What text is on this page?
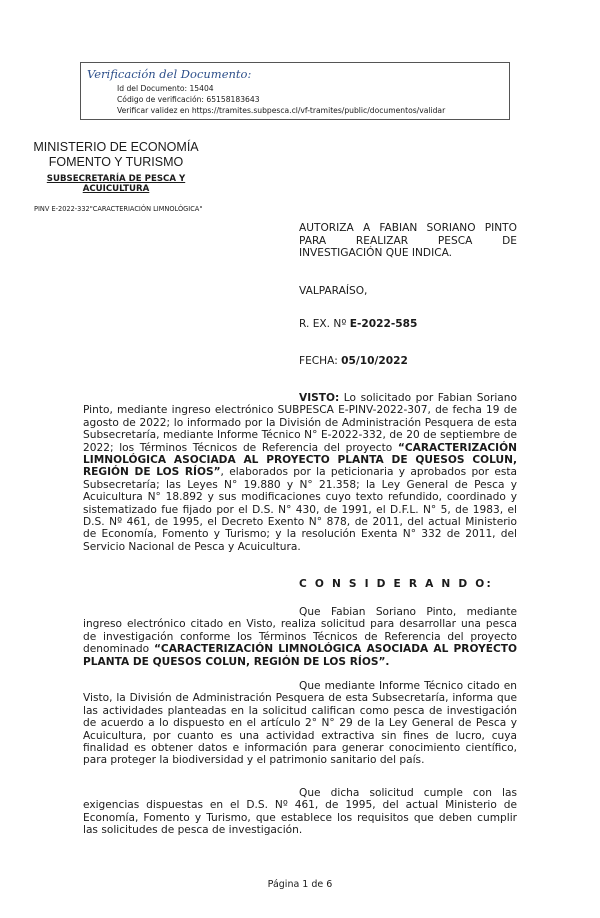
Verificación del Documento:

• Id del Documento: 15404
• Código de verificación: 65158183643
• Verificar validez en https://tramites.subpesca.cl/vf-tramites/public/documentos/validar
MINISTERIO DE ECONOMÍA
FOMENTO Y TURISMO
SUBSECRETARÍA DE PESCA Y ACUICULTURA
PINV E-2022-332"CARACTERIACIÓN LIMNOLÓGICA"
AUTORIZA A FABIAN SORIANO PINTO PARA REALIZAR PESCA DE INVESTIGACIÓN QUE INDICA.
VALPARAÍSO,
R. EX. Nº E-2022-585
FECHA: 05/10/2022
VISTO: Lo solicitado por Fabian Soriano Pinto, mediante ingreso electrónico SUBPESCA E-PINV-2022-307, de fecha 19 de agosto de 2022; lo informado por la División de Administración Pesquera de esta Subsecretaría, mediante Informe Técnico N° E-2022-332, de 20 de septiembre de 2022; los Términos Técnicos de Referencia del proyecto “CARACTERIZACIÓN LIMNOLÓGICA ASOCIADA AL PROYECTO PLANTA DE QUESOS COLUN, REGIÓN DE LOS RÍOS”, elaborados por la peticionaria y aprobados por esta Subsecretaría; las Leyes N° 19.880 y N° 21.358; la Ley General de Pesca y Acuicultura N° 18.892 y sus modificaciones cuyo texto refundido, coordinado y sistematizado fue fijado por el D.S. N° 430, de 1991, el D.F.L. N° 5, de 1983, el D.S. Nº 461, de 1995, el Decreto Exento N° 878, de 2011, del actual Ministerio de Economía, Fomento y Turismo; y la resolución Exenta N° 332 de 2011, del Servicio Nacional de Pesca y Acuicultura.
C O N S I D E R A N D O:
Que Fabian Soriano Pinto, mediante ingreso electrónico citado en Visto, realiza solicitud para desarrollar una pesca de investigación conforme los Términos Técnicos de Referencia del proyecto denominado “CARACTERIZACIÓN LIMNOLÓGICA ASOCIADA AL PROYECTO PLANTA DE QUESOS COLUN, REGIÓN DE LOS RÍOS”.
Que mediante Informe Técnico citado en Visto, la División de Administración Pesquera de esta Subsecretaría, informa que las actividades planteadas en la solicitud califican como pesca de investigación de acuerdo a lo dispuesto en el artículo 2° N° 29 de la Ley General de Pesca y Acuicultura, por cuanto es una actividad extractiva sin fines de lucro, cuya finalidad es obtener datos e información para generar conocimiento científico, para proteger la biodiversidad y el patrimonio sanitario del país.
Que dicha solicitud cumple con las exigencias dispuestas en el D.S. Nº 461, de 1995, del actual Ministerio de Economía, Fomento y Turismo, que establece los requisitos que deben cumplir las solicitudes de pesca de investigación.
Página 1 de 6
